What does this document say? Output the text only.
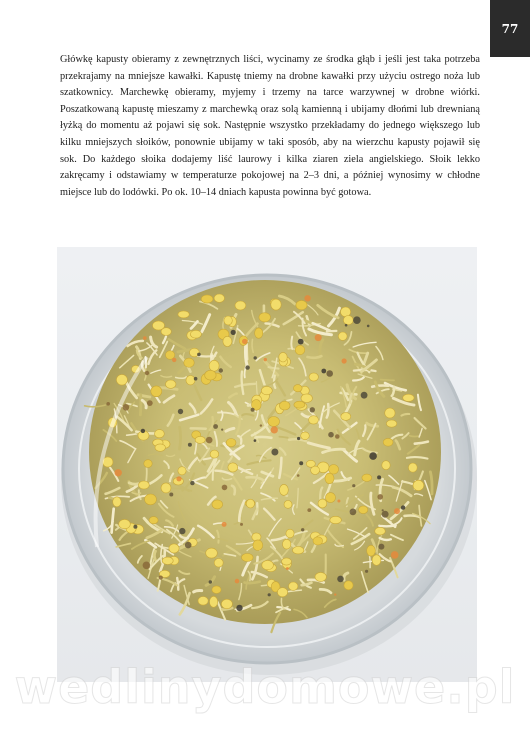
77

Główkę kapusty obieramy z zewnętrznych liści, wycinamy ze środka głąb i jeśli jest taka potrzeba przekrajamy na mniejsze kawałki. Kapustę tniemy na drobne kawałki przy użyciu ostrego noża lub szatkownicy. Marchewkę obieramy, myjemy i trzemy na tarce warzywnej w drobne wiórki. Poszatkowaną kapustę mieszamy z marchewką oraz solą kamienną i ubijamy dłońmi lub drewnianą łyżką do momentu aż pojawi się sok. Następnie wszystko przekładamy do jednego większego lub kilku mniejszych słoików, ponownie ubijamy w taki sposób, aby na wierzchu kapusty pojawił się sok. Do każdego słoika dodajemy liść laurowy i kilka ziaren ziela angielskiego. Słoik lekko zakręcamy i odstawiamy w temperaturze pokojowej na 2–3 dni, a później wynosimy w chłodne miejsce lub do lodówki. Po ok. 10–14 dniach kapusta powinna być gotowa.

wedlinydomowe.pl
